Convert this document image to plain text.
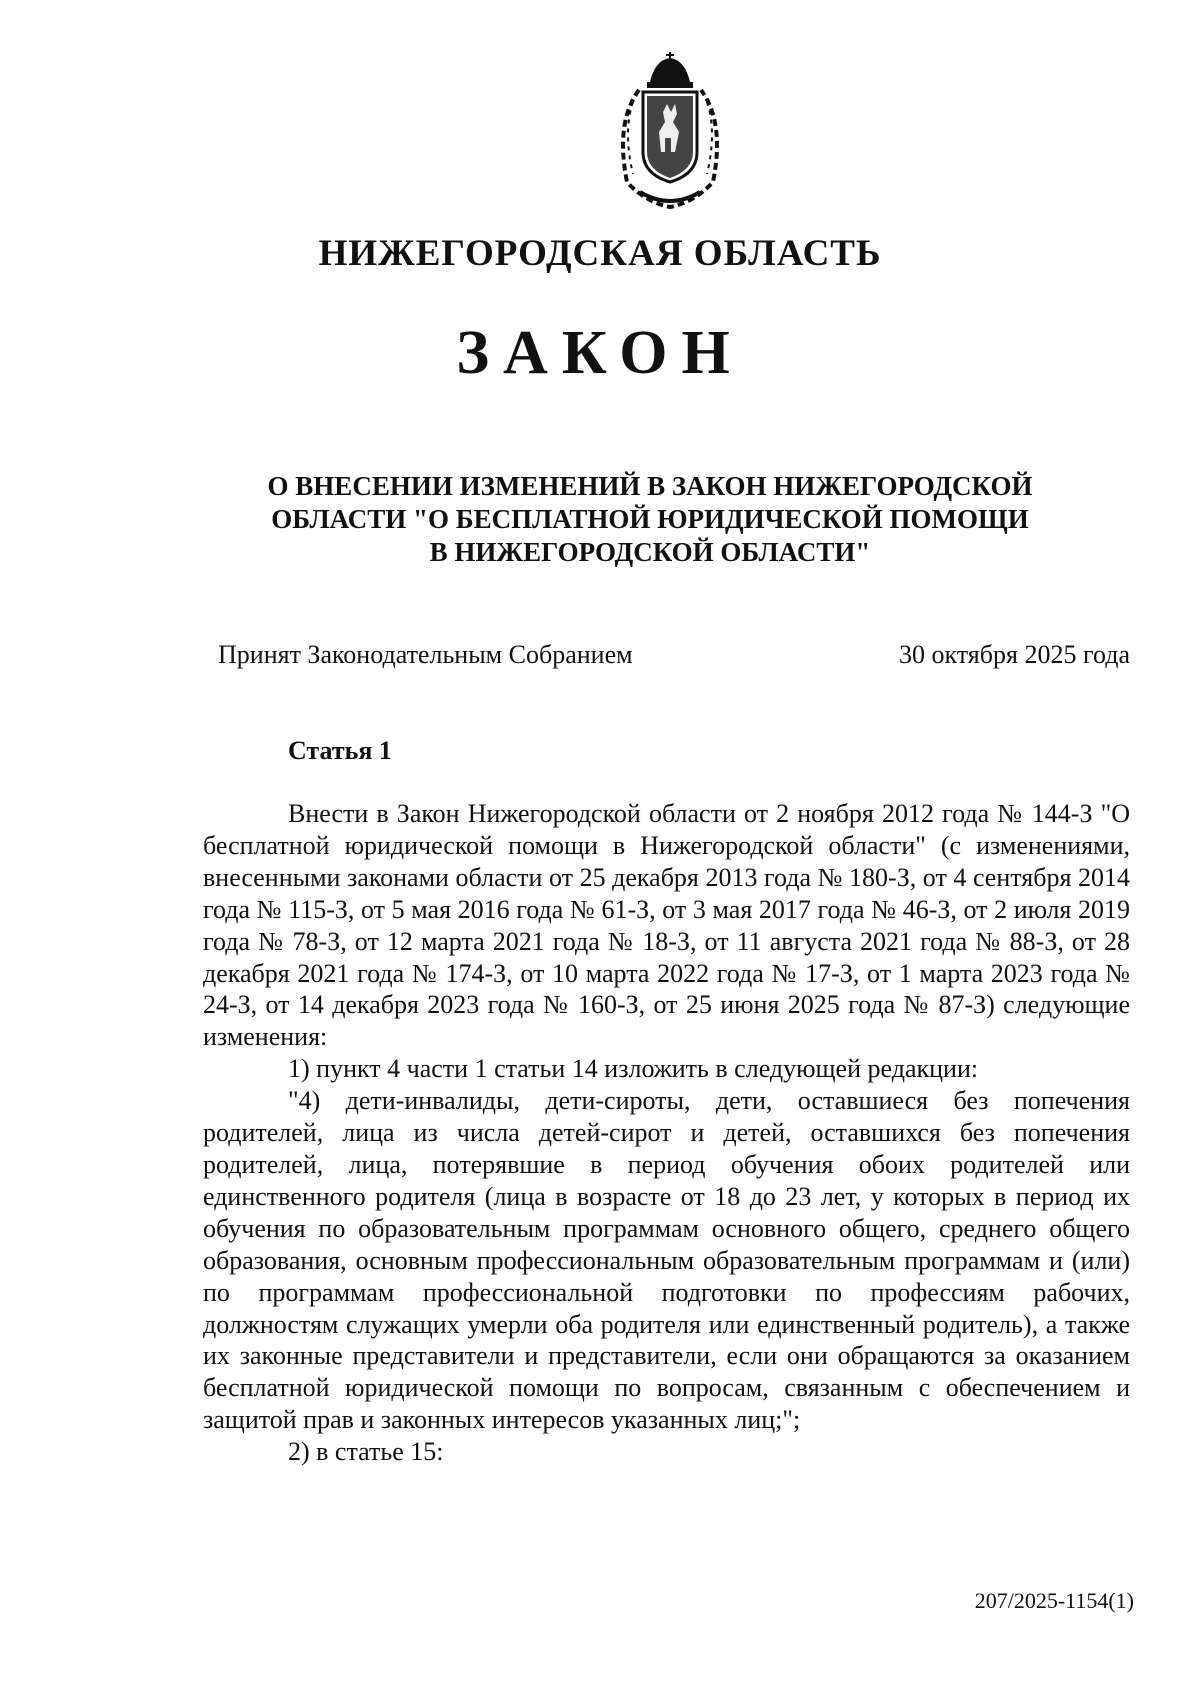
НИЖЕГОРОДСКАЯ ОБЛАСТЬ
ЗАКОН
О ВНЕСЕНИИ ИЗМЕНЕНИЙ В ЗАКОН НИЖЕГОРОДСКОЙ
ОБЛАСТИ "О БЕСПЛАТНОЙ ЮРИДИЧЕСКОЙ ПОМОЩИ
В НИЖЕГОРОДСКОЙ ОБЛАСТИ"
Принят Законодательным Собранием	30 октября 2025 года
Статья 1

Внести в Закон Нижегородской области от 2 ноября 2012 года № 144-З "О бесплатной юридической помощи в Нижегородской области" (с изменениями, внесенными законами области от 25 декабря 2013 года № 180-З, от 4 сентября 2014 года № 115-З, от 5 мая 2016 года № 61-З, от 3 мая 2017 года № 46-З, от 2 июля 2019 года № 78-З, от 12 марта 2021 года № 18-З, от 11 августа 2021 года № 88-З, от 28 декабря 2021 года № 174-З, от 10 марта 2022 года № 17-З, от 1 марта 2023 года № 24-З, от 14 декабря 2023 года № 160-З, от 25 июня 2025 года № 87-З) следующие изменения:

1) пункт 4 части 1 статьи 14 изложить в следующей редакции:

"4) дети-инвалиды, дети-сироты, дети, оставшиеся без попечения родителей, лица из числа детей-сирот и детей, оставшихся без попечения родителей, лица, потерявшие в период обучения обоих родителей или единственного родителя (лица в возрасте от 18 до 23 лет, у которых в период их обучения по образовательным программам основного общего, среднего общего образования, основным профессиональным образовательным программам и (или) по программам профессиональной подготовки по профессиям рабочих, должностям служащих умерли оба родителя или единственный родитель), а также их законные представители и представители, если они обращаются за оказанием бесплатной юридической помощи по вопросам, связанным с обеспечением и защитой прав и законных интересов указанных лиц;";

2) в статье 15:

207/2025-1154(1)
